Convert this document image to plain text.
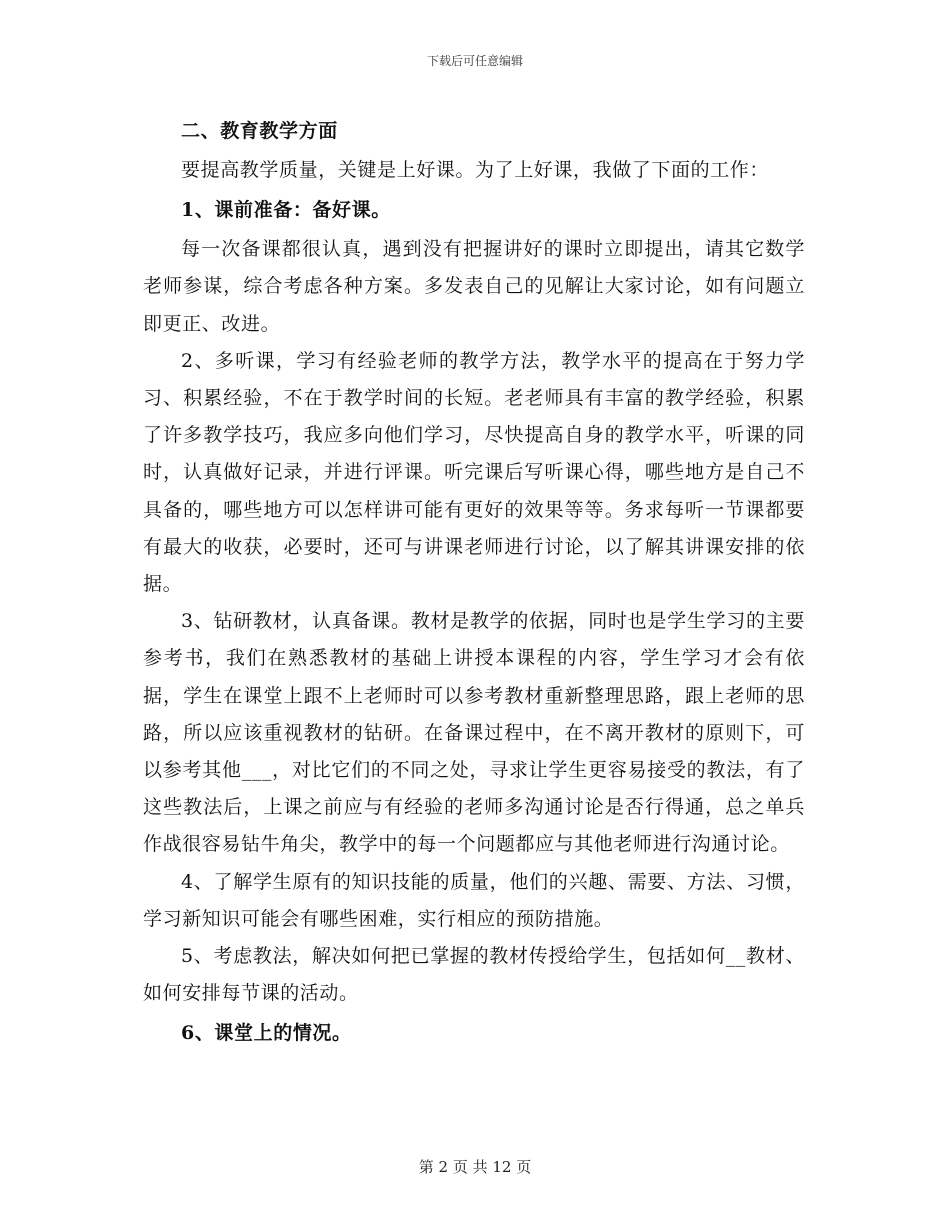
下载后可任意编辑

二、教育教学方面

要提高教学质量，关键是上好课。为了上好课，我做了下面的工作：

1、课前准备：备好课。

每一次备课都很认真，遇到没有把握讲好的课时立即提出，请其它数学老师参谋，综合考虑各种方案。多发表自己的见解让大家讨论，如有问题立即更正、改进。

2、多听课，学习有经验老师的教学方法，教学水平的提高在于努力学习、积累经验，不在于教学时间的长短。老老师具有丰富的教学经验，积累了许多教学技巧，我应多向他们学习，尽快提高自身的教学水平，听课的同时，认真做好记录，并进行评课。听完课后写听课心得，哪些地方是自己不具备的，哪些地方可以怎样讲可能有更好的效果等等。务求每听一节课都要有最大的收获，必要时，还可与讲课老师进行讨论，以了解其讲课安排的依据。

3、钻研教材，认真备课。教材是教学的依据，同时也是学生学习的主要参考书，我们在熟悉教材的基础上讲授本课程的内容，学生学习才会有依据，学生在课堂上跟不上老师时可以参考教材重新整理思路，跟上老师的思路，所以应该重视教材的钻研。在备课过程中，在不离开教材的原则下，可以参考其他___，对比它们的不同之处，寻求让学生更容易接受的教法，有了这些教法后，上课之前应与有经验的老师多沟通讨论是否行得通，总之单兵作战很容易钻牛角尖，教学中的每一个问题都应与其他老师进行沟通讨论。

4、了解学生原有的知识技能的质量，他们的兴趣、需要、方法、习惯，学习新知识可能会有哪些困难，实行相应的预防措施。

5、考虑教法，解决如何把已掌握的教材传授给学生，包括如何__教材、如何安排每节课的活动。

6、课堂上的情况。

第 2 页 共 12 页
